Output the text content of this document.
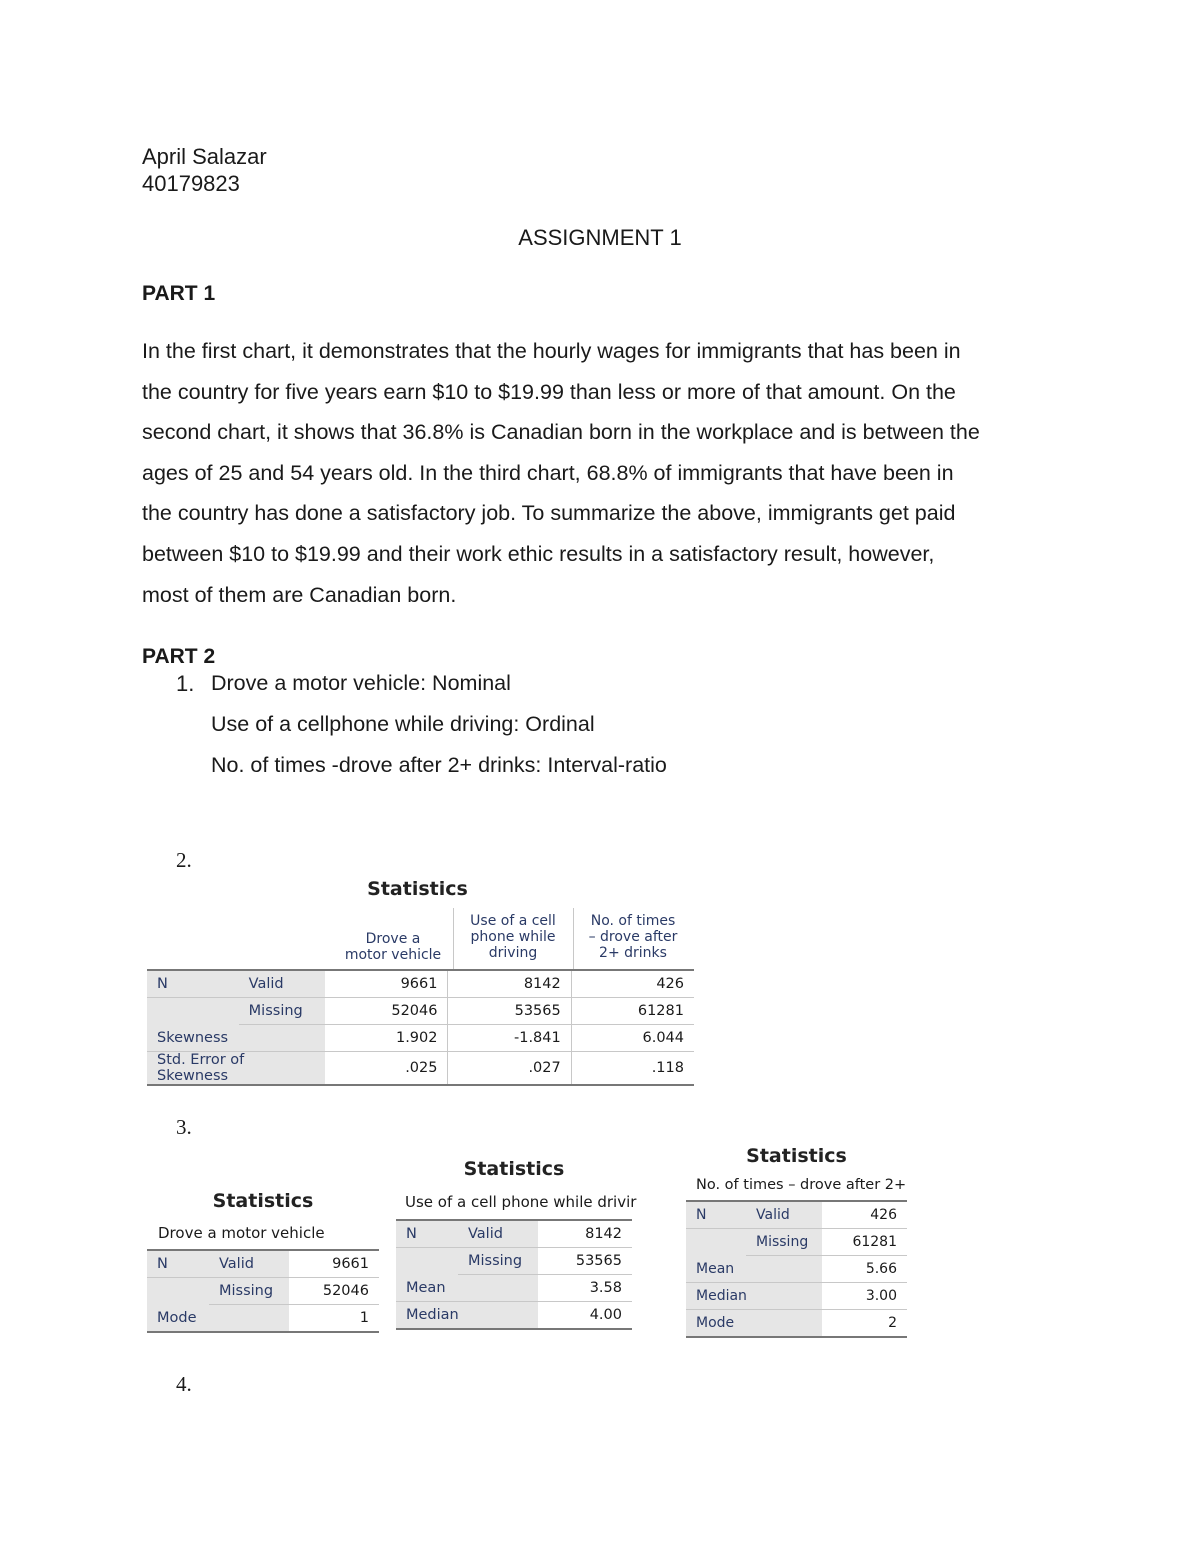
April Salazar
40179823
ASSIGNMENT 1
PART 1
In the first chart, it demonstrates that the hourly wages for immigrants that has been in
the country for five years earn $10 to $19.99 than less or more of that amount. On the
second chart, it shows that 36.8% is Canadian born in the workplace and is between the
ages of 25 and 54 years old. In the third chart, 68.8% of immigrants that have been in
the country has done a satisfactory job. To summarize the above, immigrants get paid
between $10 to $19.99 and their work ethic results in a satisfactory result, however,
most of them are Canadian born.
PART 2
1. Drove a motor vehicle: Nominal
Use of a cellphone while driving: Ordinal
No. of times -drove after 2+ drinks: Interval-ratio
2.
3.
4.
Statistics
Drove a
motor vehicle
Use of a cell
phone while
driving
No. of times
– drove after
2+ drinks
N	Valid	9661	8142	426
	Missing	52046	53565	61281
Skewness		1.902	-1.841	6.044
Std. Error of Skewness		.025	.027	.118
Statistics
Drove a motor vehicle
N	Valid	9661
	Missing	52046
Mode		1
Statistics
Use of a cell phone while drivir
N	Valid	8142
	Missing	53565
Mean		3.58
Median		4.00
Statistics
No. of times – drove after 2+
N	Valid	426
	Missing	61281
Mean		5.66
Median		3.00
Mode		2
